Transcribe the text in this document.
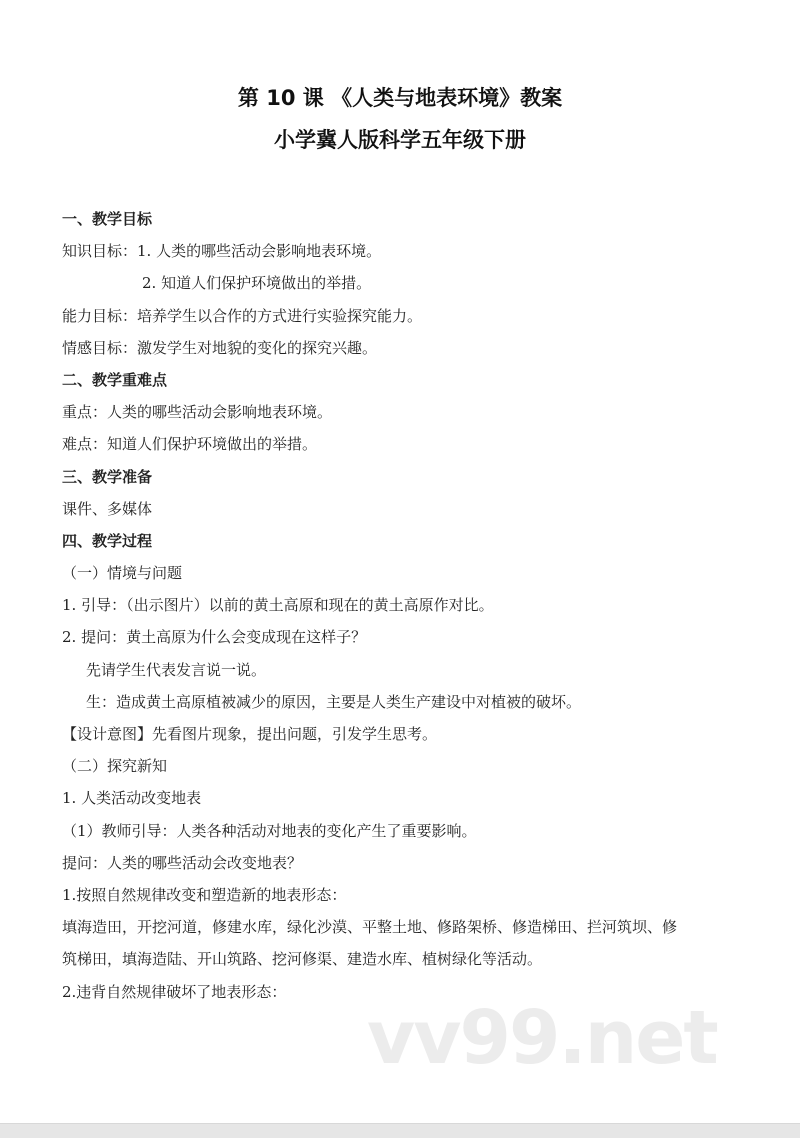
第 10 课 《人类与地表环境》教案
小学冀人版科学五年级下册
一、教学目标
知识目标：1. 人类的哪些活动会影响地表环境。
2. 知道人们保护环境做出的举措。
能力目标：培养学生以合作的方式进行实验探究能力。
情感目标：激发学生对地貌的变化的探究兴趣。
二、教学重难点
重点：人类的哪些活动会影响地表环境。
难点：知道人们保护环境做出的举措。
三、教学准备
课件、多媒体
四、教学过程
（一）情境与问题
1. 引导：（出示图片）以前的黄土高原和现在的黄土高原作对比。
2. 提问：黄土高原为什么会变成现在这样子？
先请学生代表发言说一说。
生：造成黄土高原植被减少的原因，主要是人类生产建设中对植被的破坏。
【设计意图】先看图片现象，提出问题，引发学生思考。
（二）探究新知
1. 人类活动改变地表
（1）教师引导：人类各种活动对地表的变化产生了重要影响。
提问：人类的哪些活动会改变地表？
1.按照自然规律改变和塑造新的地表形态：
填海造田，开挖河道，修建水库，绿化沙漠、平整土地、修路架桥、修造梯田、拦河筑坝、修
筑梯田，填海造陆、开山筑路、挖河修渠、建造水库、植树绿化等活动。
2.违背自然规律破坏了地表形态：
vv99.net
